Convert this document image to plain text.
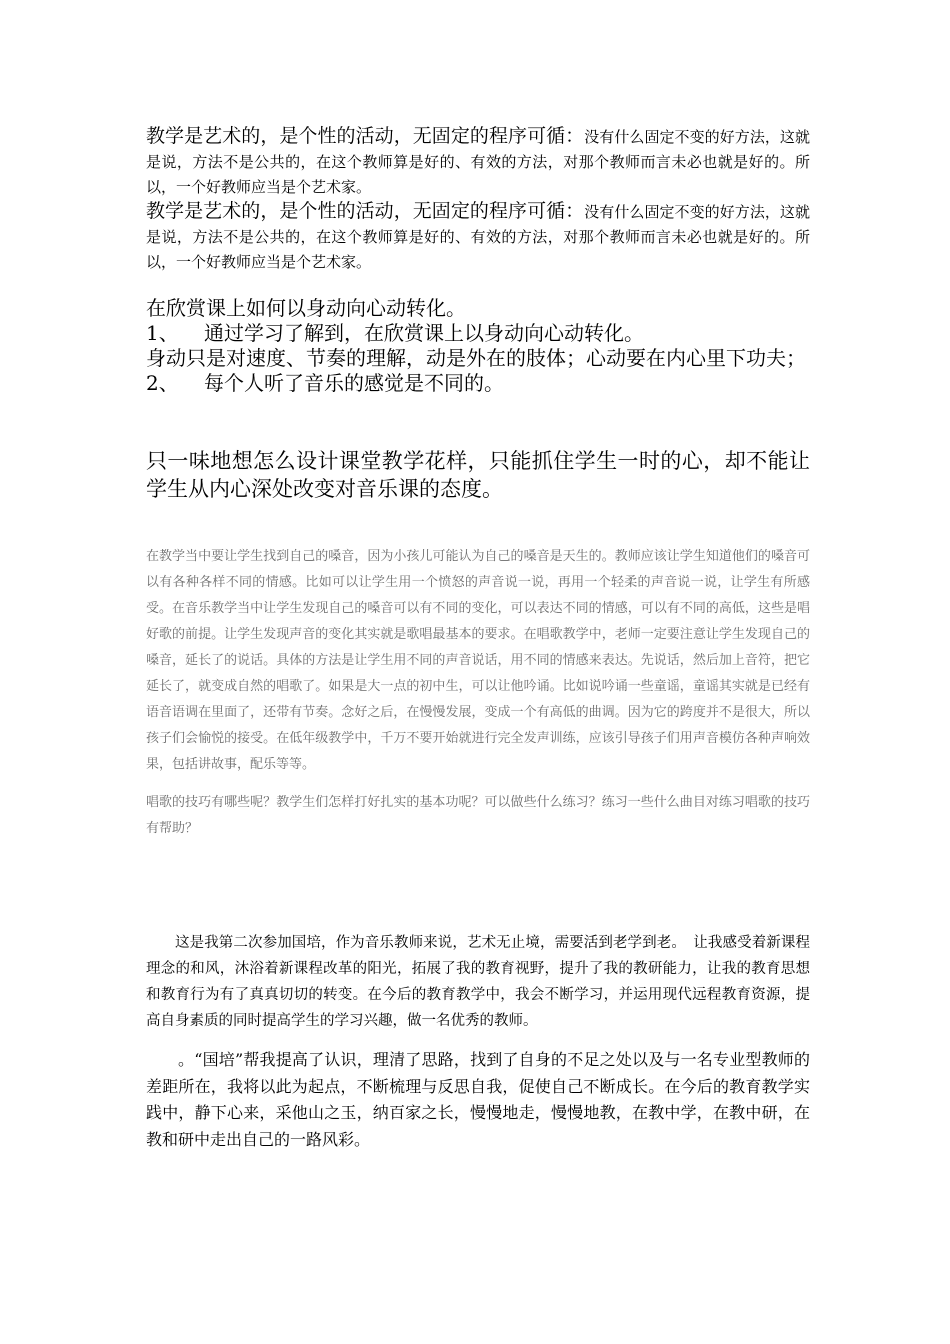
教学是艺术的，是个性的活动，无固定的程序可循：没有什么固定不变的好方法，这就是说，方法不是公共的，在这个教师算是好的、有效的方法，对那个教师而言未必也就是好的。所以，一个好教师应当是个艺术家。

教学是艺术的，是个性的活动，无固定的程序可循：没有什么固定不变的好方法，这就是说，方法不是公共的，在这个教师算是好的、有效的方法，对那个教师而言未必也就是好的。所以，一个好教师应当是个艺术家。

在欣赏课上如何以身动向心动转化。

1、 通过学习了解到，在欣赏课上以身动向心动转化。

身动只是对速度、节奏的理解，动是外在的肢体；心动要在内心里下功夫；

2、 每个人听了音乐的感觉是不同的。

只一味地想怎么设计课堂教学花样，只能抓住学生一时的心，却不能让学生从内心深处改变对音乐课的态度。

在教学当中要让学生找到自己的嗓音，因为小孩儿可能认为自己的嗓音是天生的。教师应该让学生知道他们的嗓音可以有各种各样不同的情感。比如可以让学生用一个愤怒的声音说一说，再用一个轻柔的声音说一说，让学生有所感受。在音乐教学当中让学生发现自己的嗓音可以有不同的变化，可以表达不同的情感，可以有不同的高低，这些是唱好歌的前提。让学生发现声音的变化其实就是歌唱最基本的要求。在唱歌教学中，老师一定要注意让学生发现自己的嗓音，延长了的说话。具体的方法是让学生用不同的声音说话，用不同的情感来表达。先说话，然后加上音符，把它延长了，就变成自然的唱歌了。如果是大一点的初中生，可以让他吟诵。比如说吟诵一些童谣，童谣其实就是已经有语音语调在里面了，还带有节奏。念好之后，在慢慢发展，变成一个有高低的曲调。因为它的跨度并不是很大，所以孩子们会愉悦的接受。在低年级教学中，千万不要开始就进行完全发声训练，应该引导孩子们用声音模仿各种声响效果，包括讲故事，配乐等等。

唱歌的技巧有哪些呢？教学生们怎样打好扎实的基本功呢？可以做些什么练习？练习一些什么曲目对练习唱歌的技巧有帮助？

这是我第二次参加国培，作为音乐教师来说，艺术无止境，需要活到老学到老。　让我感受着新课程理念的和风，沐浴着新课程改革的阳光，拓展了我的教育视野，提升了我的教研能力，让我的教育思想和教育行为有了真真切切的转变。在今后的教育教学中，我会不断学习，并运用现代远程教育资源，提高自身素质的同时提高学生的学习兴趣，做一名优秀的教师。

。“国培”帮我提高了认识，理清了思路，找到了自身的不足之处以及与一名专业型教师的差距所在，我将以此为起点，不断梳理与反思自我，促使自己不断成长。在今后的教育教学实践中，静下心来，采他山之玉，纳百家之长，慢慢地走，慢慢地教，在教中学，在教中研，在教和研中走出自己的一路风彩。
